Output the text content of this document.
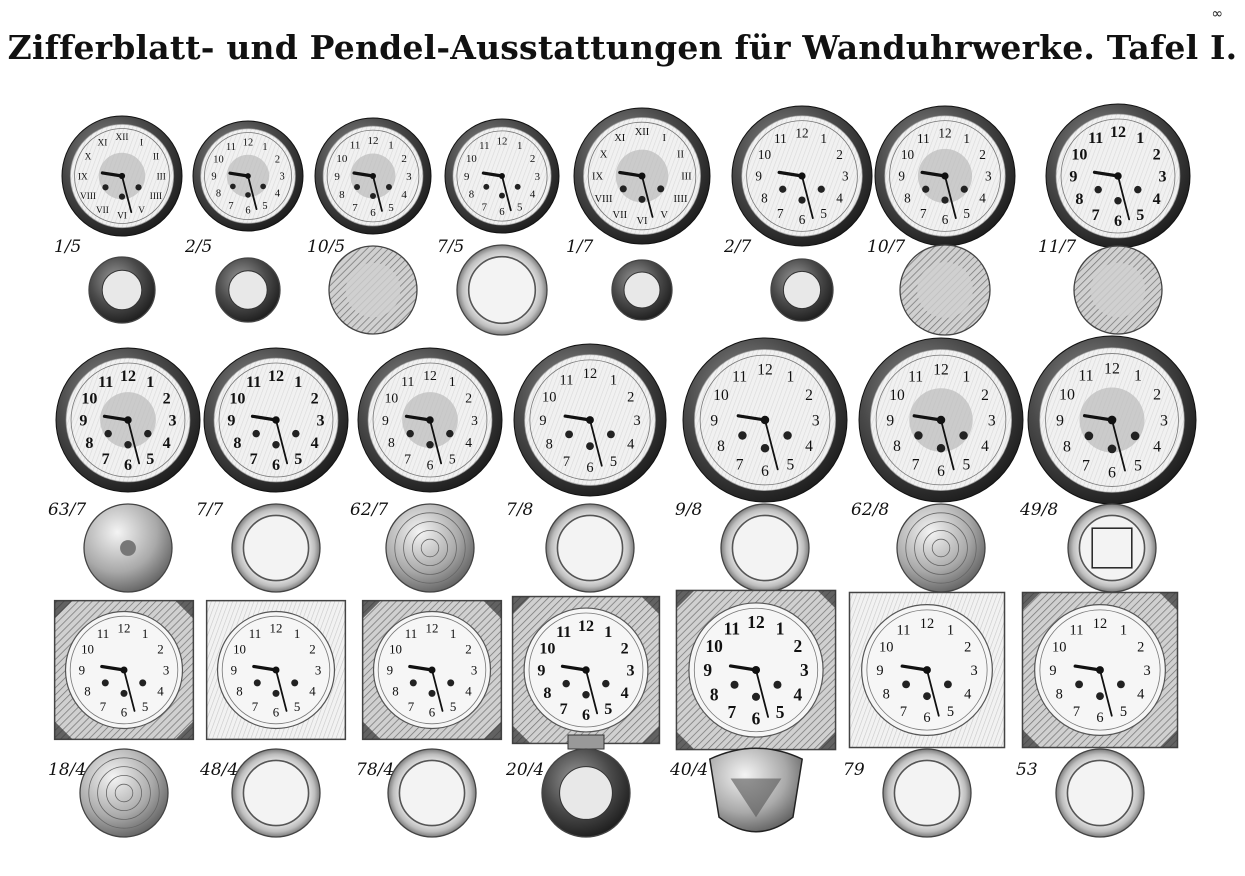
∞
Zifferblatt- und Pendel-Ausstattungen für Wanduhrwerke. Tafel I.
XII
I
II
III
IIII
V
VI
VII
VIII
IX
X
XI	12 1
2
3
4
5
6
7
8
9
10
11
12 1
2
3
4
5
6
7
8
9
10
11	12 1
2
3
4
5
6
7
8
9
10
11
XII
I
II
III
IIII
V
VI
VII
VIII
IX
X
XI	12 1
2
3
4
5
6
7
8
9
10
11	12 1
2
3
4
5
6
7
8
9
10
11	12 1
2
3
4
5
6
7
8
9
10
11
12 1
2
3
4
5
6
7
8
9
10
11	12 1
2
3
4
5
6
7
8
9
10
11	12 1
2
3
4
5
6
7
8
9
10
11	12 1
2
3
4
5
6
7
8
9
10
11
12 1
2
3
4
5
6
7
8
9
10
11	12 1
2
3
4
5
6
7
8
9
10
11	12 1
2
3
4
5
6
7
8
9
10
11
12 1
2
3
4
5
6
7
8
9
10
11	12 1
2
3
4
5
6
7
8
9
10
11	12 1
2
3
4
5
6
7
8
9
10
11	12 1
2
3
4
5
6
7
8
9
10
11
12 1
2
3
4
5
6
7
8
9
10
11	12 1
2
3
4
5
6
7
8
9
10
11	12 1
2
3
4
5
6
7
8
9
10
11
1/5	2/5	10/5	7/5	1/7	2/7	10/7	11/7
63/7	7/7	62/7	7/8	9/8	62/8	49/8
18/4	48/4	78/4	20/4	40/4	79	53
